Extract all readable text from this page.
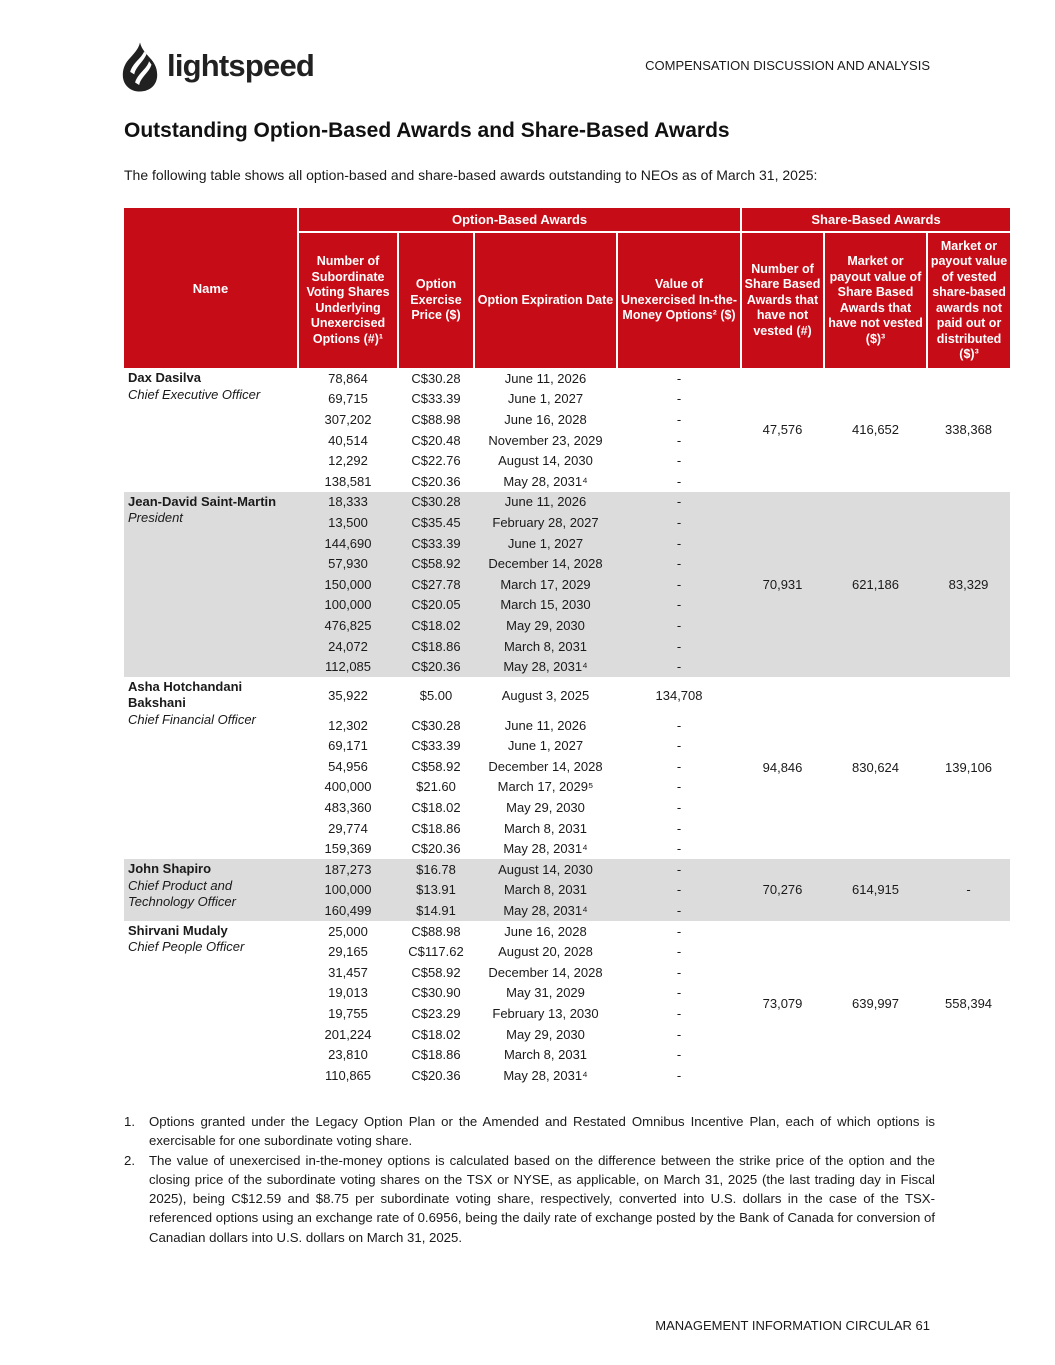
lightspeed	COMPENSATION DISCUSSION AND ANALYSIS
Outstanding Option-Based Awards and Share-Based Awards

The following table shows all option-based and share-based awards outstanding to NEOs as of March 31, 2025:

Name	Option-Based Awards				Share-Based Awards		
	Number of Subordinate Voting Shares Underlying Unexercised Options (#)¹	Option Exercise Price ($)	Option Expiration Date	Value of Unexercised In-the-Money Options² ($)	Number of Share Based Awards that have not vested (#)	Market or payout value of Share Based Awards that have not vested ($)³	Market or payout value of vested share-based awards not paid out or distributed ($)³

Dax Dasilva
Chief Executive Officer	78,864	C$30.28	June 11, 2026	-	47,576	416,652	338,368
	69,715	C$33.39	June 1, 2027	-			
	307,202	C$88.98	June 16, 2028	-			
	40,514	C$20.48	November 23, 2029	-			
	12,292	C$22.76	August 14, 2030	-			
	138,581	C$20.36	May 28, 2031⁴	-			

Jean-David Saint-Martin
President	18,333	C$30.28	June 11, 2026	-	70,931	621,186	83,329
	13,500	C$35.45	February 28, 2027	-			
	144,690	C$33.39	June 1, 2027	-			
	57,930	C$58.92	December 14, 2028	-			
	150,000	C$27.78	March 17, 2029	-			
	100,000	C$20.05	March 15, 2030	-			
	476,825	C$18.02	May 29, 2030	-			
	24,072	C$18.86	March 8, 2031	-			
	112,085	C$20.36	May 28, 2031⁴	-			

Asha Hotchandani Bakshani
Chief Financial Officer	35,922	$5.00	August 3, 2025	134,708	94,846	830,624	139,106
	12,302	C$30.28	June 11, 2026	-			
	69,171	C$33.39	June 1, 2027	-			
	54,956	C$58.92	December 14, 2028	-			
	400,000	$21.60	March 17, 2029⁵	-			
	483,360	C$18.02	May 29, 2030	-			
	29,774	C$18.86	March 8, 2031	-			
	159,369	C$20.36	May 28, 2031⁴	-			

John Shapiro
Chief Product and Technology Officer	187,273	$16.78	August 14, 2030	-	70,276	614,915	-
	100,000	$13.91	March 8, 2031	-			
	160,499	$14.91	May 28, 2031⁴	-			

Shirvani Mudaly
Chief People Officer	25,000	C$88.98	June 16, 2028	-	73,079	639,997	558,394
	29,165	C$117.62	August 20, 2028	-			
	31,457	C$58.92	December 14, 2028	-			
	19,013	C$30.90	May 31, 2029	-			
	19,755	C$23.29	February 13, 2030	-			
	201,224	C$18.02	May 29, 2030	-			
	23,810	C$18.86	March 8, 2031	-			
	110,865	C$20.36	May 28, 2031⁴	-			
1. Options granted under the Legacy Option Plan or the Amended and Restated Omnibus Incentive Plan, each of which options is exercisable for one subordinate voting share.
2. The value of unexercised in-the-money options is calculated based on the difference between the strike price of the option and the closing price of the subordinate voting shares on the TSX or NYSE, as applicable, on March 31, 2025 (the last trading day in Fiscal 2025), being C$12.59 and $8.75 per subordinate voting share, respectively, converted into U.S. dollars in the case of the TSX-referenced options using an exchange rate of 0.6956, being the daily rate of exchange posted by the Bank of Canada for conversion of Canadian dollars into U.S. dollars on March 31, 2025.
MANAGEMENT INFORMATION CIRCULAR 61
